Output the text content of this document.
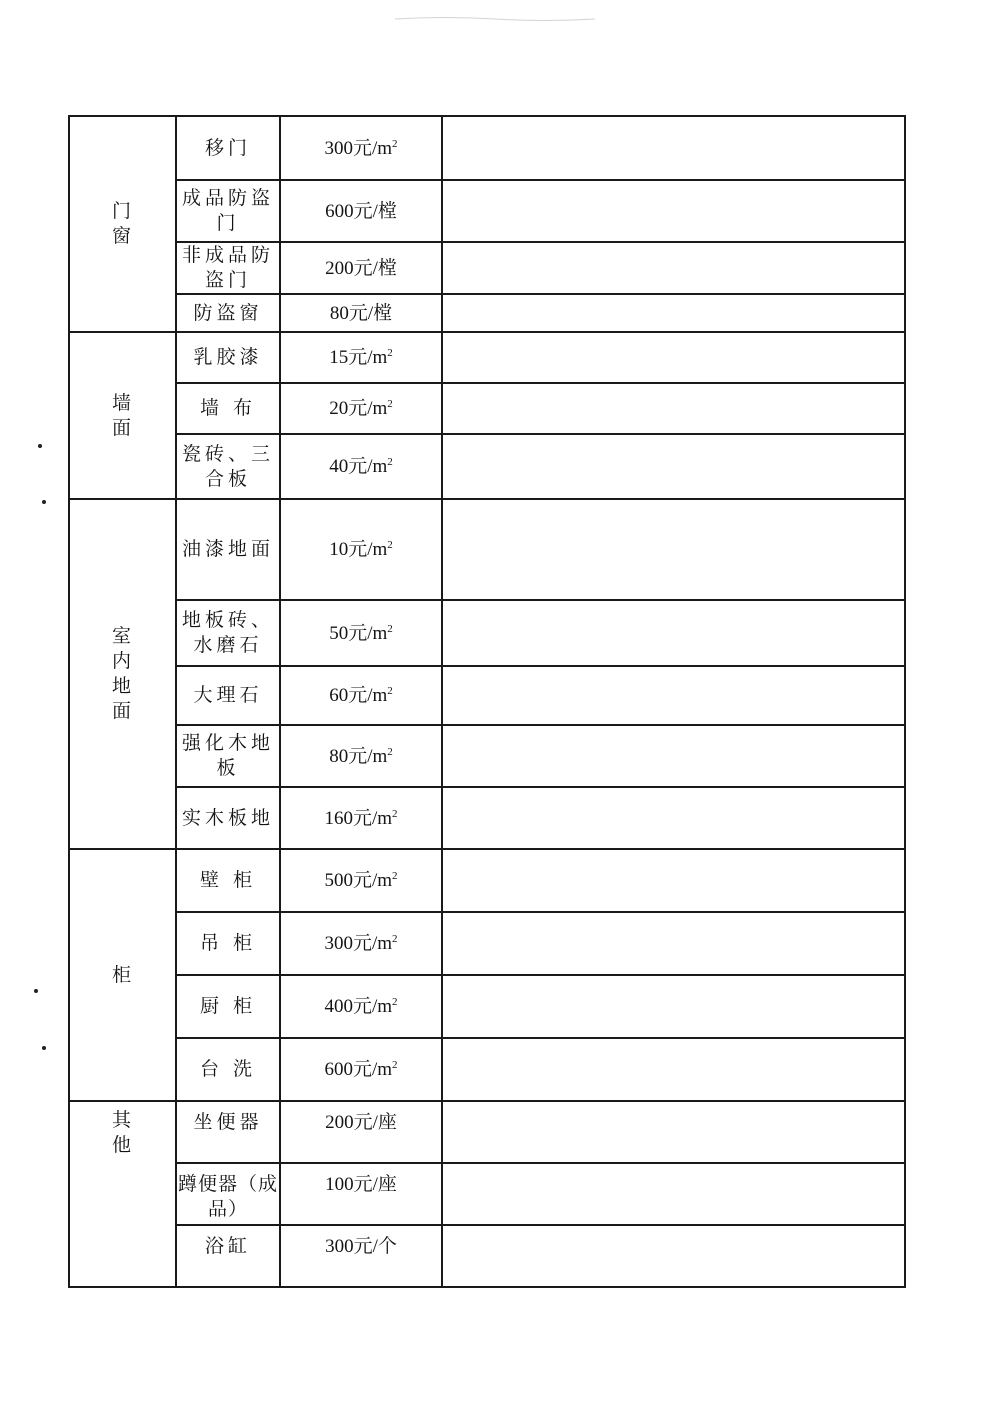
门窗	移门	300元$/m^2$	
	成品防盗门	600元/樘	
	非成品防盗门	200元/樘	
	防盗窗	80元/樘	
墙面	乳胶漆	15元$/m^2$	
	墙 布	20元$/m^2$	
	瓷砖、三合板	40元$/m^2$	
室内地面	油漆地面	10元$/m^2$	
	地板砖、水磨石	50元$/m^2$	
	大理石	60元$/m^2$	
	强化木地板	80元$/m^2$	
	实木板地	160元$/m^2$	
柜	壁 柜	500元$/m^2$	
	吊 柜	300元$/m^2$	
	厨 柜	400元$/m^2$	
	台 洗	600元$/m^2$	
其他	坐便器	200元/座	
	蹲便器（成品）	100元/座	
	浴缸	300元/个	
